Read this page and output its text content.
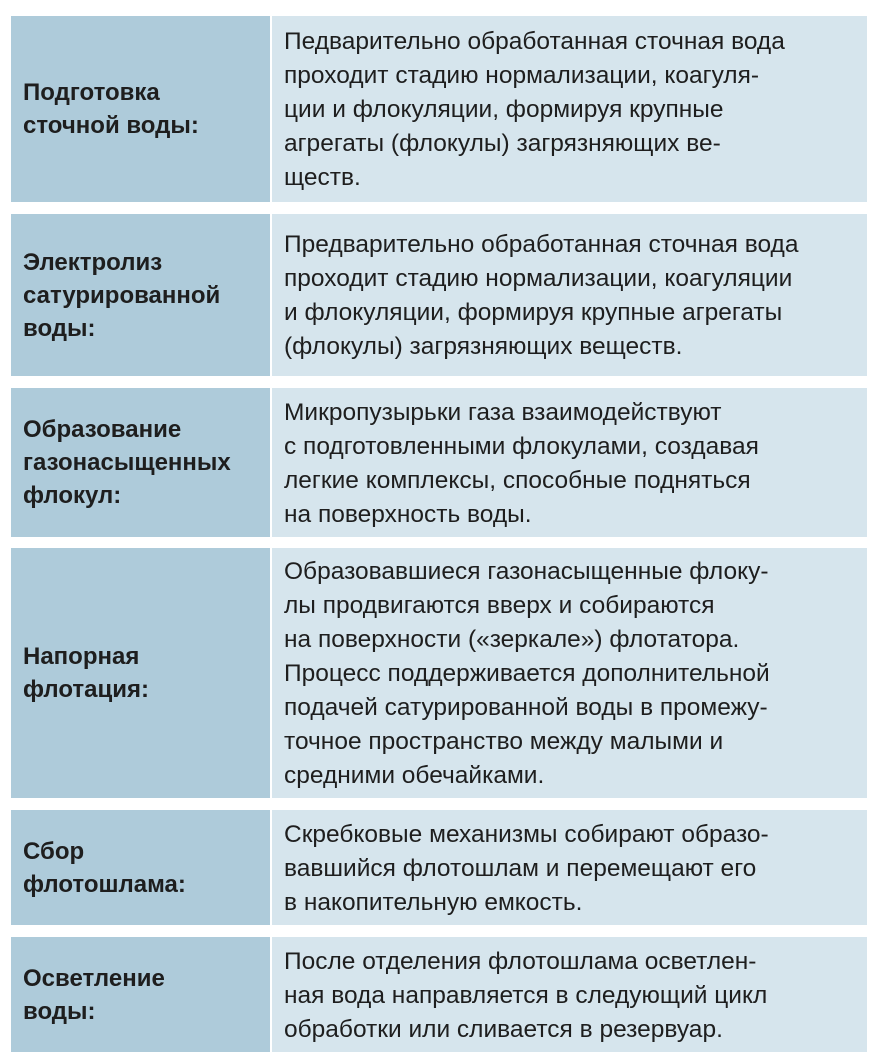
Подготовка
сточной воды:
Педварительно обработанная сточная вода
проходит стадию нормализации, коагуля-
ции и флокуляции, формируя крупные
агрегаты (флокулы) загрязняющих ве-
ществ.
Электролиз
сатурированной
воды:
Предварительно обработанная сточная вода
проходит стадию нормализации, коагуляции
и флокуляции, формируя крупные агрегаты
(флокулы) загрязняющих веществ.
Образование
газонасыщенных
флокул:
Микропузырьки газа взаимодействуют
с подготовленными флокулами, создавая
легкие комплексы, способные подняться
на поверхность воды.
Напорная
флотация:
Образовавшиеся газонасыщенные флоку-
лы продвигаются вверх и собираются
на поверхности («зеркале») флотатора.
Процесс поддерживается дополнительной
подачей сатурированной воды в промежу-
точное пространство между малыми и
средними обечайками.
Сбор
флотошлама:
Скребковые механизмы собирают образо-
вавшийся флотошлам и перемещают его
в накопительную емкость.
Осветление
воды:
После отделения флотошлама осветлен-
ная вода направляется в следующий цикл
обработки или сливается в резервуар.
